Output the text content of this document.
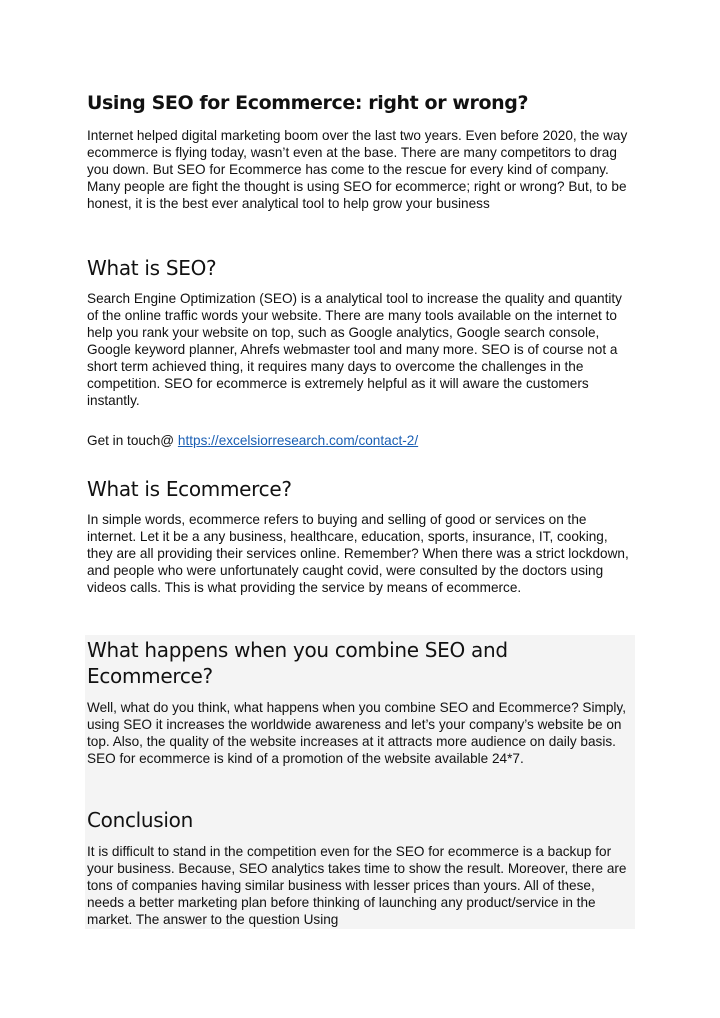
Using SEO for Ecommerce: right or wrong?

Internet helped digital marketing boom over the last two years. Even before 2020, the way ecommerce is flying today, wasn’t even at the base. There are many competitors to drag you down. But SEO for Ecommerce has come to the rescue for every kind of company. Many people are fight the thought is using SEO for ecommerce; right or wrong? But, to be honest, it is the best ever analytical tool to help grow your business

What is SEO?

Search Engine Optimization (SEO) is a analytical tool to increase the quality and quantity of the online traffic words your website. There are many tools available on the internet to help you rank your website on top, such as Google analytics, Google search console, Google keyword planner, Ahrefs webmaster tool and many more. SEO is of course not a short term achieved thing, it requires many days to overcome the challenges in the competition. SEO for ecommerce is extremely helpful as it will aware the customers instantly.

Get in touch@ https://excelsiorresearch.com/contact-2/
What is Ecommerce?

In simple words, ecommerce refers to buying and selling of good or services on the internet. Let it be a any business, healthcare, education, sports, insurance, IT, cooking, they are all providing their services online. Remember? When there was a strict lockdown, and people who were unfortunately caught covid, were consulted by the doctors using videos calls. This is what providing the service by means of ecommerce.

What happens when you combine SEO and Ecommerce?

Well, what do you think, what happens when you combine SEO and Ecommerce? Simply, using SEO it increases the worldwide awareness and let’s your company’s website be on top. Also, the quality of the website increases at it attracts more audience on daily basis. SEO for ecommerce is kind of a promotion of the website available 24*7.

Conclusion

It is difficult to stand in the competition even for the SEO for ecommerce is a backup for your business. Because, SEO analytics takes time to show the result. Moreover, there are tons of companies having similar business with lesser prices than yours. All of these, needs a better marketing plan before thinking of launching any product/service in the market. The answer to the question Using
